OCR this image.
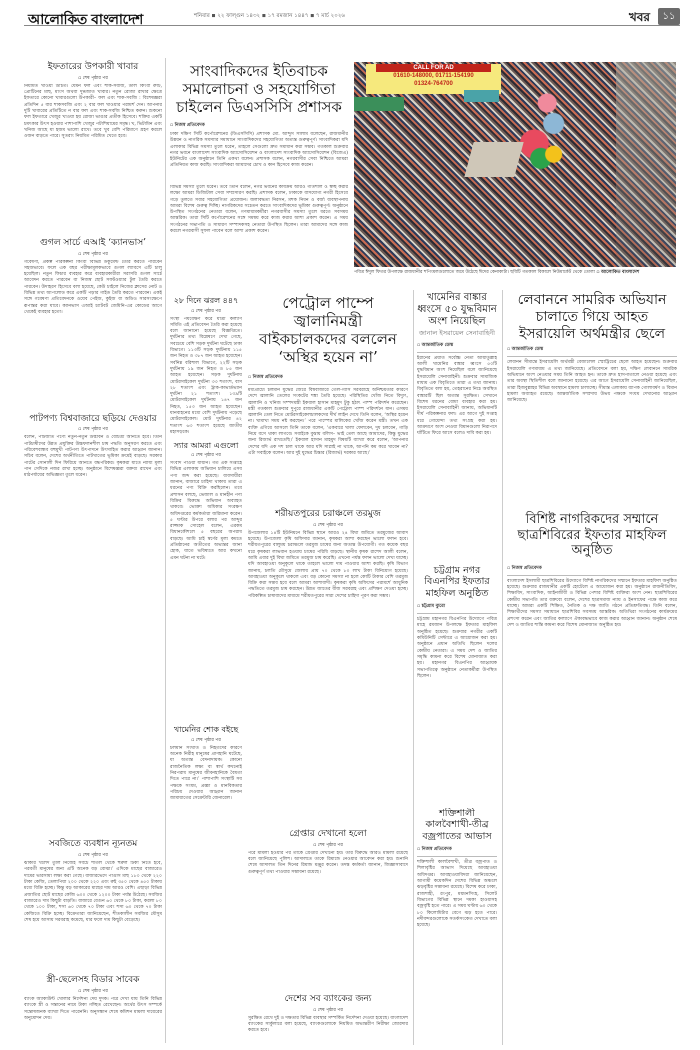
আলোকিত বাংলাদেশ	শনিবার ◾ ২২ ফাল্গুন ১৪৩২ ◾ ১৭ রমজান ১৪৪৭ ◾ ৭ মার্চ ২০২৬	খবর	১১
ইফতারের উপকারী খাবার
▫ শেষ পৃষ্ঠার পর
নিয়মিত খাওয়া উচিত। যেমন ফল এবং শাক-সবজি, ডাল কিংবা রুটি, প্রোটিনের মাছ, মাংস অথবা দুগ্ধজাত খাবার। নতুন রোজা রাখার ক্ষেত্রে ইফতারে কোনো খাবারগুলো উপকারী– ফল এবং শাক-সবজি : বিশেষজ্ঞরা প্রতিদিন ৫ বার শাকসবজি এবং ২ বার ফল খাওয়ার পরামর্শ দেন। আপনার দুটি খাবারের প্রতিটিতে ন বার ফল এবং শাক-সবজি নিশ্চিত করুন। শুকনো ফল ইফতারে খেজুর খাওয়া হয় রোজা ভাঙার প্রতীক হিসেবে। শক্তির একটি চমৎকার উৎস হওয়ার পাশাপাশি খেজুর পটাশিয়ামের সমৃদ্ধ। খ, ভিটামিন এবং খনিজ আছে যা হজম ভালো রাখে। তবে খুব বেশি পরিমাণে গ্রহণ করলে ওজন বাড়তে পারে। সুতরাং নিয়মিত পরিমিত খেতে হবে।
গুগল সার্চে এআই ‘ক্যানভাস’
▫ শেষ পৃষ্ঠার পর
গবেষণা, প্রকল্প পরিকল্পনা কিংবা বিভিন্ন ডকুমেন্ট তৈরি করতে পারবেন সহজভাবে। ফলে এক বছর পরীক্ষামূলকভাবে গুগল ল্যাবসে এটি চালু হয়েছিল। নতুন ফিচার ব্যবহার করে ব্যবহারকারীরা সরাসরি গুগল সার্চে আবেদন করতে পারবেন বা নিজস্ব ছোট সফটওয়্যার টুল তৈরি করতে পারবেন। উদাহরণ হিসেবে বলা হয়েছে, কেউ চাইলে নিজের ক্লাসের নোট ও বিভিন্ন তথ্য আপলোড করে একটি পড়ার গাইড তৈরি করতে পারবেন। একই সঙ্গে গবেষণা প্রতিবেদনকে ওয়েব পেইজ, কুইজ বা অডিও সারসংক্ষেপে রূপান্তর করা যাবে। ক্যানভাস এআই চ্যাটবট জেমিনি-এর কোডের আগে থেকেই ব্যবহার হতো।
পাটপণ্য বিশ্ববাজারে ছড়িয়ে দেওয়ার
▫ শেষ পৃষ্ঠার পর
বলেন, পাটজাত পণ্যে নতুন-নতুন উদ্ভাবন ও বৈচিত্র্য আনতে হবে। তিনি পাটচাষীদের উন্নত প্রযুক্তির উচ্চফলনশীল চাষ পদ্ধতি অনুসরণ করতে এবং পরিবেশবান্ধব বহুমুখী পাটপণ্য উৎপাদনে উৎসাহিত করার আহ্বান জানান। সচিব বলেন, দেশের অর্থনীতিতে পাটখাতের ভূমিকা ক্রমেই বাড়ছে। সরকার পাটের সোনালী দিন ফিরিয়ে আনতে বদ্ধপরিকর। কৃষকরা যাতে ন্যায্য মূল্য পান সেদিকে নজর রাখা হচ্ছে। অনুষ্ঠানে বিশেষজ্ঞরা বক্তব্য রাখেন এবং মাঠপর্যায়ের অভিজ্ঞতা তুলে ধরেন।
সবজিতে ব্যবধান ন্যূনতম
▫ শেষ পৃষ্ঠার পর
ঝাকরি খলেদ তুলি নিজেই সবচে শীতল থেকে হুরুল টিকা নিতে হবে, পরবর্তী মানুষের জন্য এটি অনেক বড় বোঝা।’ এদিকে মাছের বাজারেও দামের ভারসাম্য লক্ষ্য করা গেছে। বাজারভেদে পাঙাস মাছ ১৮০ থেকে ২২০ টাকা কেজি, তেলাপিয়া ২০০ থেকে ২২০ এবং রুই ৩৫০ থেকে ৪৫০ টাকায় মধ্যে বিক্রি হচ্ছে। কিন্তু বড় আকারের মাছের দাম আরও বেশি। এছাড়া বিভিন্ন প্রজাতির ছোট মাছের কেজি ৬০০ থেকে ১২০০ টাকা পর্যন্ত উঠেছে। সবজির বাজারেও দাম কিছুটা বাড়তি। বাজারে বেগুন ৬০ থেকে ৮০ টাকা, করলা ৮০ থেকে ১০০ টাকা, শসা ৬০ থেকে ৭০ টাকা এবং শসা ৬০ থেকে ৭০ টাকা কেজিতে বিক্রি হচ্ছে। বিক্রেতারা জানিয়েছেন, শীতকালীন সবজির মৌসুম শেষ হয়ে আসায় সরবরাহ কমেছে, যার ফলে দাম কিছুটা বেড়েছে।
স্ত্রী-ছেলেসহ বিডার সাবেক
▫ শেষ পৃষ্ঠার পর
ব্যাংক অ্যাকাউন্ট খোলার নির্দেশনা দেয় দুদক। পরে দেখা যায় তিনি বিভিন্ন ব্যাংকে স্ত্রী ও সন্তানের নামে টাকা গচ্ছিত রেখেছেন। অর্থের উৎস সম্পর্কে সন্তোষজনক ব্যাখ্যা দিতে পারেননি। অনুসন্ধান শেষে কমিশন মামলা দায়েরের অনুমোদন দেয়।
সাংবাদিকদের ইতিবাচক সমালোচনা ও সহযোগিতা চাইলেন ডিএসসিসি প্রশাসক
▫ নিজস্ব প্রতিবেদক
ঢাকা দক্ষিণ সিটি কর্পোরেশনের (ডিএসসিসি) প্রশাসক মো. আব্দুস সালাম বলেছেন, রাজধানীর উন্নয়ন ও নাগরিক সমস্যার সমাধানে সাংবাদিকদের সহযোগিতা অত্যন্ত গুরুত্বপূর্ণ। সাংবাদিকরা যদি এলাকার বিভিন্ন সমস্যা তুলে ধরেন, তাহলে সেগুলো দ্রুত সমাধান করা সম্ভব। গতকাল শুক্রবার নগর ভবনে বাংলাদেশ সাংবাদিক অ্যাসোসিয়েশন ও বাংলাদেশ সাংবাদিক অ্যাসোসিয়েশন (বিজেএ) ইউনিটের এক অনুষ্ঠানে তিনি একথা বলেন। প্রশাসক বলেন, নগরবাসীর সেবা নিশ্চিতে আমরা প্রতিনিয়ত কাজ করছি। সাংবাদিকরা আমাদের চোখ ও কান হিসেবে কাজ করেন।
বিভিন্ন সমস্যা তুলে ধরেন। তবে তিনি বলেন, নগর ভবনের কার্যক্রম আরও গতিশীল ও স্বচ্ছ করার লক্ষ্যে আমরা ডিজিটাল সেবা সম্প্রসারণ করছি। প্রশাসক বলেন, ঢাকাকে বাসযোগ্য নগরী হিসেবে গড়ে তুলতে সবার সহযোগিতা প্রয়োজন। জলাবদ্ধতা নিরসন, মশক নিধন ও বর্জ্য ব্যবস্থাপনায় আমরা বিশেষ গুরুত্ব দিচ্ছি। নাগরিকদের সচেতন করতে সাংবাদিকদের ভূমিকা গুরুত্বপূর্ণ। অনুষ্ঠানে উপস্থিত সংগঠনের নেতারা বলেন, গণমাধ্যমকর্মীরা নগরবাসীর সমস্যা তুলে ধরতে সবসময় আন্তরিক। তারা সিটি কর্পোরেশনের সঙ্গে সমন্বয় করে কাজ করার আশা প্রকাশ করেন। এ সময় সংগঠনের সভাপতি ও সাধারণ সম্পাদকসহ নেতারা উপস্থিত ছিলেন। তারা আমাদের সঙ্গে কাজ করলে নগরবাসী সুফল পাবেন বলে আশা প্রকাশ করেন।
CALL FOR AD
01610-148000, 01711-154190
01324-764700
পবিত্র ঈদুল ফিতর উপলক্ষে রাজধানীর শপিংমলগুলোতে জমে উঠেছে ঈদের কেনাকাটা। ছবিটি গতকাল বিকালে নিউমার্কেট থেকে তোলা ▫ আলোকিত বাংলাদেশ
২৮ দিনে ঝরল ৪৪৭
▫ শেষ পৃষ্ঠার পর
সংস্থা পর্যবেক্ষণ করে যাত্রী কল্যাণ সমিতি এই প্রতিবেদন তৈরি করা হয়েছে বলে জানানো হয়েছে বিজ্ঞপ্তিতে। দুর্ঘটনার তথ্য বিশ্লেষণে দেখা গেছে, সবচেয়ে বেশি সড়ক দুর্ঘটনা ঘটেছে ঢাকা বিভাগে। ১১৩টি সড়ক দুর্ঘটনায় ১১৫ জন নিহত ও ৩৮৭ জন আহত হয়েছেন। সর্বনিম্ন বরিশাল বিভাগে, ২২টি সড়ক দুর্ঘটনায় ১৯ জন নিহত ও ৮৫ জন আহত হয়েছেন। সড়ক দুর্ঘটনায় মোটরসাইকেল দুর্ঘটনা ৩৩ শতাংশ, বাস ২৮ শতাংশ এবং ট্রাক-কাভার্ডভ্যান দুর্ঘটনা ২১ শতাংশ। ১৩৯টি মোটরসাইকেল দুর্ঘটনায় ১৪৭ জন নিহত, ১৫৩ জন আহত হয়েছেন। যানবাহনের মধ্যে বেশি দুর্ঘটনায় পড়েছে মোটরসাইকেল। মোট দুর্ঘটনার ৪২ শতাংশ ৬৩ শতাংশ হয়েছে জাতীয় মহাসড়কে।
স্যার আমরা এগুলো
▫ শেষ পৃষ্ঠার পর
সংবাদ পাওয়া যায়নি। গত এক সপ্তাহে বিভিন্ন এলাকায় অভিযান চালিয়ে এসব পণ্য জব্দ করা হয়েছে। ব্যবসায়ীরা জানান, বাজারে চাহিদা থাকায় তারা এ ধরনের পণ্য বিক্রি করছিলেন। তবে প্রশাসন বলছে, ভেজাল ও মানহীন পণ্য বিক্রির বিরুদ্ধে অভিযান অব্যাহত থাকবে। ভোক্তা অধিকার সংরক্ষণ অধিদপ্তরের কর্মকর্তারা জরিমানা করেন। ৫ ঘণ্টার উপরে বলার পর আব্দুর রাজ্জাক সোহেল বলেন, এরকম বিধানকৌশলে ৫ বছরের অপরাধ বাড়ছে। আমি চাই স্বর্ণের মূল্য কমতে প্রতিষ্ঠানের অতীতের অভ্যন্তর জানা হোক, যাতে ভবিষ্যতে আর কখনো এমন ঘটনা না ঘটে।
খামেনির শোক বইছে
▫ শেষ পৃষ্ঠার পর
চলমান সংঘাত ও নিহতদের কারণে অনেক নিরীহ মানুষের প্রাণহানি ঘটেছে, যা অত্যন্ত বেদনাদায়ক। কোনো রাজনৈতিক লক্ষ্য বা স্বার্থ কখনোই নিরপরাধ মানুষের জীবনহানিকে বৈধতা দিতে পারে না।’ পাশাপাশি সংস্থাটি সব পক্ষকে সংযম, প্রজ্ঞা ও মানবিকতার পরিচয় দেওয়ার আহ্বান জানান জামায়াতের সেক্রেটারি জেনারেল।
পেট্রোল পাম্পে জ্বালানিমন্ত্রী বাইকচালকদের বললেন ‘অস্থির হয়েন না’
▫ নিজস্ব প্রতিবেদক
মধ্যপ্রাচ্যে চলমান যুদ্ধের জেরে বিশ্ববাজারে তেল-গ্যাস সরবরাহে অনিশ্চয়তার কারণে দেশে জ্বালানি তেলের সংকটের শঙ্কা তৈরি হয়েছে। পরিস্থিতির খোঁজ নিতে বিদ্যুৎ, জ্বালানি ও খনিজ সম্পদমন্ত্রী ইকবাল হাসান মাহমুদ টুকু হঠাৎ পাম্প পরিদর্শন করেছেন। মন্ত্রী গতকাল শুক্রবার দুপুরে রাজধানীর একটি পেট্রোল পাম্প পরিদর্শনে যান। এসময় জ্বালানি তেল নিতে মোটরসাইকেলচালকদের দীর্ঘ লাইন দেখে তিনি বলেন, ‘অস্থির হয়েন না। খামাখা সময় নষ্ট করছেন।’ পরে পাম্পের মালিকের খোঁজ করেন মন্ত্রী। তখন এক ব্যক্তি এগিয়ে আসলে তিনি তাকে বলেন, ‘একবারে খালা ফেলবেন, দুধ চলবেন, গাড়ি নিয়ে বসে থাকা লাগবে। সবাইকে বুঝায় বলিস– ভাই তেল আছে আমাদের, কিন্তু যুদ্ধের জন্য রিজার্ভ রাখতেছি।’ ইকবাল হাসান মাহমুদ বিষয়টি ব্যাখ্যা করে বলেন, ‘আপনার দেশের যদি এক দশ চাল থাকে আর যদি সাপ্লাই না থাকে, আপনি কম করে খাবেন না? এটা সবাইকে বলেন। আর দুই যুদ্ধের চিন্তার (রিজার্ভ) দরকার আছে।’
শরীয়তপুরের চরাঞ্চলে তরমুজ
▫ শেষ পৃষ্ঠার পর
উপজেলার ১৪টি ইউনিয়নে বিভিন্ন স্থানে আরও ২৪ বিঘা জমিতে তরমুজের আবাদ হয়েছে। উপজেলা কৃষি অফিসার জানান, কৃষকরা আশা করছেন ভালো ফলন হবে। শরীয়তপুরের বালুময় চরাঞ্চলে তরমুজ চাষের জন্য অত্যন্ত উপযোগী। গত কয়েক বছর ধরে কৃষকরা লাভবান হওয়ায় চাষের পরিধি বাড়ছে। স্থানীয় কৃষক রাশেদ আলী বলেন, আমি এবার দুই বিঘা জমিতে তরমুজ চাষ করেছি। এখনো পর্যন্ত ফলন ভালো দেখা যাচ্ছে। যদি আবহাওয়া অনুকূলে থাকে তাহলে ভালো দাম পাওয়ার আশা করছি। কৃষি বিভাগ জানায়, চলতি মৌসুমে জেলায় প্রায় ৭০ থেকে ৮০ লাখ টাকা বিনিয়োগ হয়েছে। আবহাওয়া অনুকূলে থাকলে এবং বড় কোনো সমস্যা না হলে কোটি টাকার বেশি তরমুজ বিক্রি করা সম্ভব হবে বলে আমরা আশাবাদী। কৃষকরা কৃষি অফিসের পরামর্শে আধুনিক পদ্ধতিতে তরমুজ চাষ করছেন। উন্নত জাতের বীজ সরবরাহ এবং প্রশিক্ষণ দেওয়া হচ্ছে। পরিকল্পিত চাষাবাদের মাধ্যমে শরীয়তপুরের সারা দেশের চাহিদা পূরণ করা সম্ভব।
গ্রেপ্তার দেখানো হলো
▫ শেষ পৃষ্ঠার পর
পরে মামলা হওয়ার পর তাকে গ্রেপ্তার দেখানো হয়। তার বিরুদ্ধে আরও মামলা রয়েছে বলে জানিয়েছে পুলিশ। আদালতে তাকে রিমান্ডে নেওয়ার আবেদন করা হয়। শুনানি শেষে আদালত তিন দিনের রিমান্ড মঞ্জুর করেন। তদন্ত কর্মকর্তা জানান, জিজ্ঞাসাবাদে গুরুত্বপূর্ণ তথ্য পাওয়ার সম্ভাবনা রয়েছে।
দেশের সব ব্যাংকের জন্য
▫ শেষ পৃষ্ঠার পর
সুরক্ষিত রেখে দুই ও দক্ষতার বিভিন্ন ব্যবস্থার সম্পর্কিত নির্দেশনা দেওয়া হয়েছে। বাংলাদেশ ব্যাংকের সার্কুলারে বলা হয়েছে, ব্যাংকগুলোকে নিয়মিত অভ্যন্তরীণ নিরীক্ষা জোরদার করতে হবে।
খামেনির বাঙ্কার ধ্বংসে ৫০ যুদ্ধবিমান অংশ নিয়েছিল
জানাল ইসরায়েল সেনাবাহিনী
▫ আন্তর্জাতিক ডেস্ক
ইরানের প্রয়াত সর্বোচ্চ নেতা আয়াতুল্লাহ আলী খামেনির বাঙ্কার ধ্বংসে ৫০টি যুদ্ধবিমান অংশ নিয়েছিল বলে জানিয়েছে ইসরায়েলি সেনাবাহিনী। শুক্রবার সামাজিক মাধ্যম এক বিবৃতিতে তারা এ তথ্য জানায়। বিবৃতিতে বলা হয়, তেহরানের নিচে অবস্থিত বাঙ্কারটি ছিল অত্যন্ত সুরক্ষিত। সেখানে বিশেষ ধরনের বোমা ব্যবহার করা হয়। ইসরায়েলি সেনাবাহিনী জানায়, অভিযানটি দীর্ঘ পরিকল্পনার ফল। এর আগে দুই সপ্তাহ ধরে গোয়েন্দা তথ্য সংগ্রহ করা হয়। আক্রমণে অংশ নেওয়া বিমানগুলো নিরাপদে ঘাঁটিতে ফিরে আসে বলেও দাবি করা হয়।
চট্টগ্রাম নগর বিএনপির ইফতার মাহফিল অনুষ্ঠিত
▫ চট্টগ্রাম ব্যুরো
চট্টগ্রাম মহানগর বিএনপির উদ্যোগে পবিত্র মাহে রমজান উপলক্ষে ইফতার মাহফিল অনুষ্ঠিত হয়েছে। শুক্রবার নগরীর একটি কমিউনিটি সেন্টারে এ আয়োজন করা হয়। অনুষ্ঠানে প্রধান অতিথি ছিলেন দলের কেন্দ্রীয় নেতারা। এ সময় দেশ ও জাতির সমৃদ্ধি কামনা করে বিশেষ মোনাজাত করা হয়। মহানগর বিএনপির আহ্বায়ক সভাপতিত্বে অনুষ্ঠানে নেতাকর্মীরা উপস্থিত ছিলেন।
শক্তিশালী কালবৈশাখী-তীব্র বজ্রপাতের আভাস
▫ নিজস্ব প্রতিবেদক
শক্তিশালী কালবৈশাখী, তীব্র বজ্রপাত ও শিলাবৃষ্টির আভাস দিয়েছে আবহাওয়া অধিদপ্তর। আবহাওয়াবিদরা জানিয়েছেন, আগামী কয়েকদিন দেশের বিভিন্ন অঞ্চলে ঝড়বৃষ্টির সম্ভাবনা রয়েছে। বিশেষ করে ঢাকা, রাজশাহী, রংপুর, ময়মনসিংহ, সিলেট বিভাগের বিভিন্ন স্থানে দমকা হাওয়াসহ বজ্রবৃষ্টি হতে পারে। এ সময় ঘণ্টায় ৬০ থেকে ৮০ কিলোমিটার বেগে ঝড় হতে পারে। নদীবন্দরগুলোকে সতর্কসংকেত দেখাতে বলা হয়েছে।
লেবাননে সামরিক অভিযান চালাতে গিয়ে আহত ইসরায়েলি অর্থমন্ত্রীর ছেলে
▫ আন্তর্জাতিক ডেস্ক
লেবানন সীমান্তে ইসরায়েলি অর্থমন্ত্রী বেজালেল স্মোট্রিচের ছেলে আহত হয়েছেন। শুক্রবার ইসরায়েলি গণমাধ্যম এ তথ্য জানিয়েছে। প্রতিবেদনে বলা হয়, দক্ষিণ লেবাননে সামরিক অভিযানে অংশ নেওয়ার সময় তিনি আহত হন। তাকে দ্রুত হাসপাতালে নেওয়া হয়েছে এবং তার অবস্থা স্থিতিশীল বলে জানানো হয়েছে। এর আগে ইসরায়েলি সেনাবাহিনী জানিয়েছিল, তারা হিজবুল্লাহর বিভিন্ন অবস্থানে হামলা চালাচ্ছে। সীমান্ত এলাকায় ব্যাপক গোলাবর্ষণ ও বিমান হামলা অব্যাহত রয়েছে। আন্তর্জাতিক সম্প্রদায় উভয় পক্ষকে সংযম দেখানোর আহ্বান জানিয়েছে।
বিশিষ্ট নাগরিকদের সম্মানে ছাত্রশিবিরের ইফতার মাহফিল অনুষ্ঠিত
▫ নিজস্ব প্রতিবেদক
বাংলাদেশ ইসলামী ছাত্রশিবিরের উদ্যোগে বিশিষ্ট নাগরিকদের সম্মানে ইফতার মাহফিল অনুষ্ঠিত হয়েছে। শুক্রবার রাজধানীর একটি হোটেলে এ আয়োজন করা হয়। অনুষ্ঠানে রাজনীতিবিদ, শিক্ষাবিদ, সাংবাদিক, আইনজীবী ও বিভিন্ন পেশার বিশিষ্ট ব্যক্তিরা অংশ নেন। ছাত্রশিবিরের কেন্দ্রীয় সভাপতি তার বক্তব্যে বলেন, দেশের ছাত্রসমাজ ন্যায় ও ইনসাফের পক্ষে কাজ করে যাচ্ছে। আমরা একটি শিক্ষিত, নৈতিক ও দক্ষ জাতি গঠনে প্রতিশ্রুতিবদ্ধ। তিনি বলেন, শিক্ষার্থীদের সমস্যা সমাধানে ছাত্রশিবির সবসময় আন্তরিক। অতিথিরা সংগঠনের কার্যক্রমের প্রশংসা করেন এবং জাতির কল্যাণে ঐক্যবদ্ধভাবে কাজ করার আহ্বান জানান। অনুষ্ঠান শেষে দেশ ও জাতির শান্তি কামনা করে বিশেষ মোনাজাত অনুষ্ঠিত হয়।
